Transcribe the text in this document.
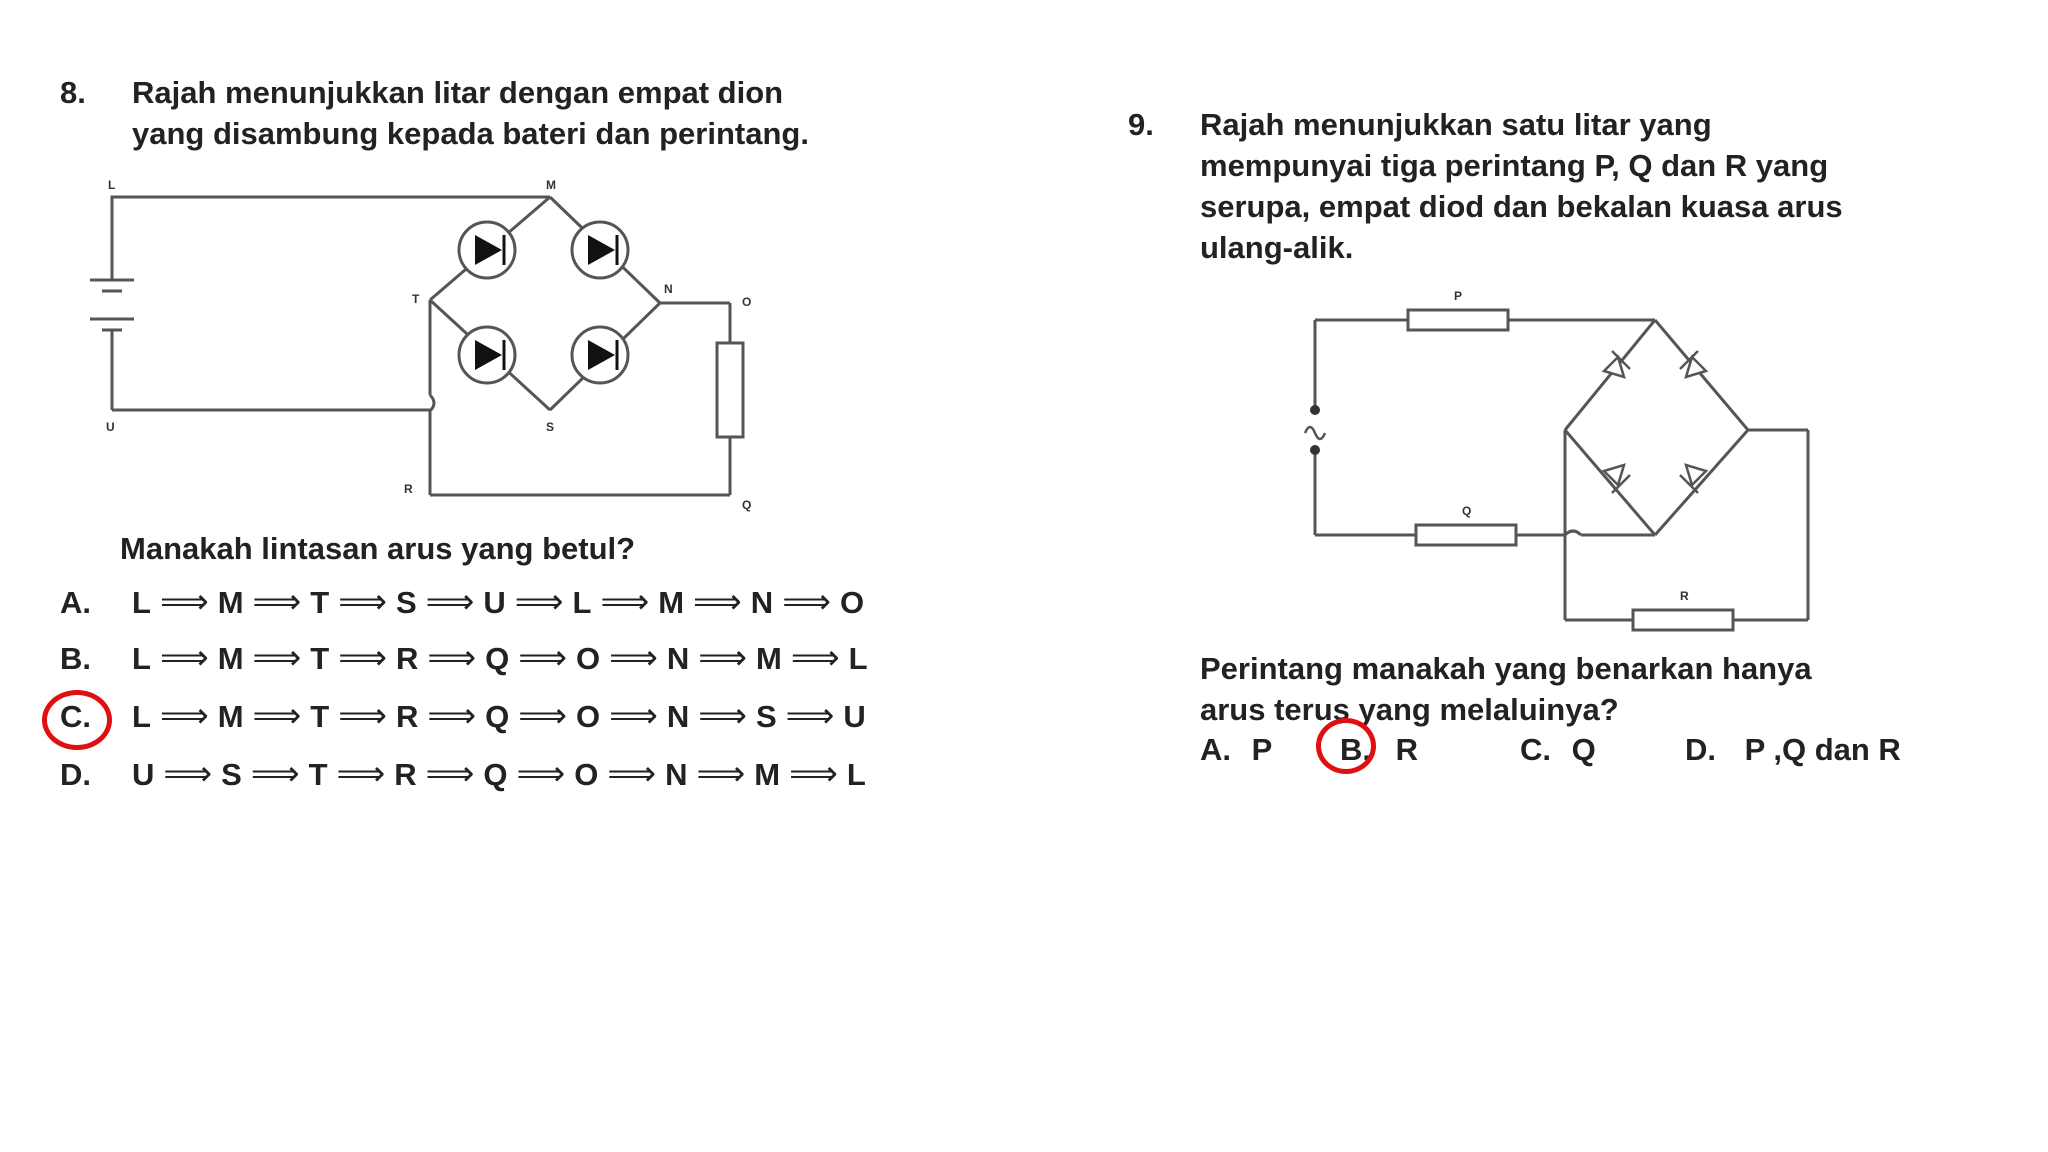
8. Rajah menunjukkan litar dengan empat dion
yang disambung kepada bateri dan perintang.
L	M
T
N
O
U	S
R
Q
Manakah lintasan arus yang betul?
A. L ⟹ M ⟹ T ⟹ S ⟹ U ⟹ L ⟹ M ⟹ N ⟹ O
B. L ⟹ M ⟹ T ⟹ R ⟹ Q ⟹ O ⟹ N ⟹ M ⟹ L
C. L ⟹ M ⟹ T ⟹ R ⟹ Q ⟹ O ⟹ N ⟹ S ⟹ U
D. U ⟹ S ⟹ T ⟹ R ⟹ Q ⟹ O ⟹ N ⟹ M ⟹ L
9. Rajah menunjukkan satu litar yang
mempunyai tiga perintang P, Q dan R yang
serupa, empat diod dan bekalan kuasa arus
ulang-alik.
P
Q
R
Perintang manakah yang benarkan hanya
arus terus yang melaluinya?
A. P B. R	C. Q	D. P ,Q dan R
